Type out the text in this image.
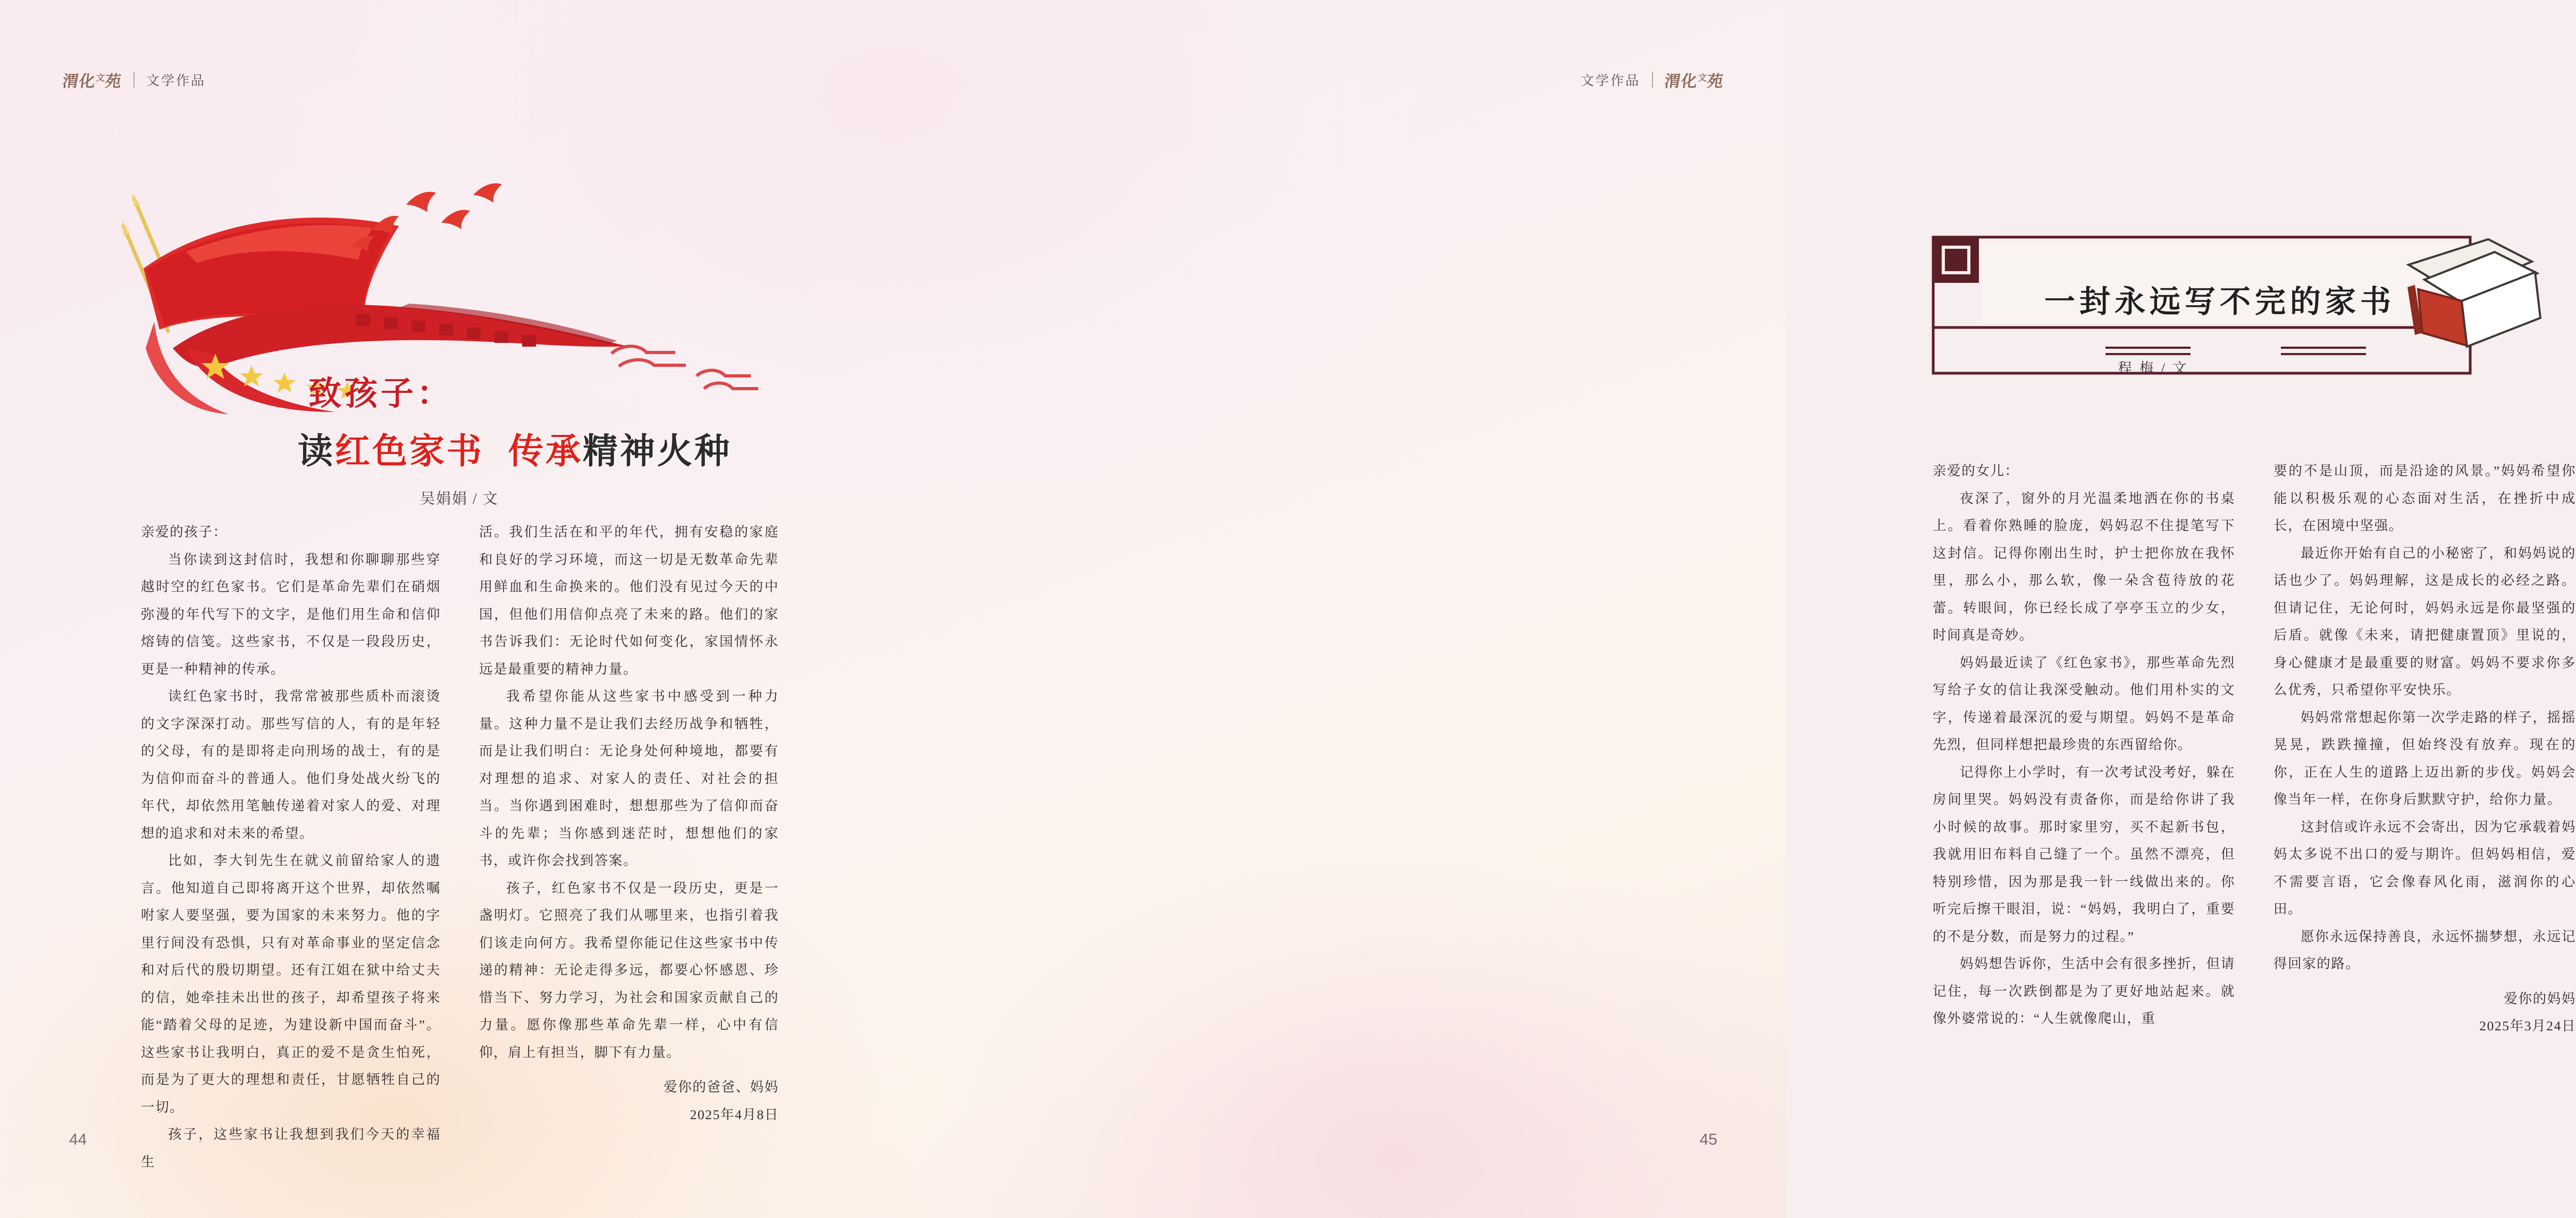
渭化$^文$苑 文学作品
致孩子：
读红色家书 传承精神火种
吴娟娟 / 文

亲爱的孩子：

当你读到这封信时，我想和你聊聊那些穿越时空的红色家书。它们是革命先辈们在硝烟弥漫的年代写下的文字，是他们用生命和信仰熔铸的信笺。这些家书，不仅是一段段历史，更是一种精神的传承。

读红色家书时，我常常被那些质朴而滚烫的文字深深打动。那些写信的人，有的是年轻的父母，有的是即将走向刑场的战士，有的是为信仰而奋斗的普通人。他们身处战火纷飞的年代，却依然用笔触传递着对家人的爱、对理想的追求和对未来的希望。

比如，李大钊先生在就义前留给家人的遗言。他知道自己即将离开这个世界，却依然嘱咐家人要坚强，要为国家的未来努力。他的字里行间没有恐惧，只有对革命事业的坚定信念和对后代的殷切期望。还有江姐在狱中给丈夫的信，她牵挂未出世的孩子，却希望孩子将来能“踏着父母的足迹，为建设新中国而奋斗”。这些家书让我明白，真正的爱不是贪生怕死，而是为了更大的理想和责任，甘愿牺牲自己的一切。

孩子，这些家书让我想到我们今天的幸福生

活。我们生活在和平的年代，拥有安稳的家庭和良好的学习环境，而这一切是无数革命先辈用鲜血和生命换来的。他们没有见过今天的中国，但他们用信仰点亮了未来的路。他们的家书告诉我们：无论时代如何变化，家国情怀永远是最重要的精神力量。

我希望你能从这些家书中感受到一种力量。这种力量不是让我们去经历战争和牺牲，而是让我们明白：无论身处何种境地，都要有对理想的追求、对家人的责任、对社会的担当。当你遇到困难时，想想那些为了信仰而奋斗的先辈；当你感到迷茫时，想想他们的家书，或许你会找到答案。

孩子，红色家书不仅是一段历史，更是一盏明灯。它照亮了我们从哪里来，也指引着我们该走向何方。我希望你能记住这些家书中传递的精神：无论走得多远，都要心怀感恩、珍惜当下、努力学习，为社会和国家贡献自己的力量。愿你像那些革命先辈一样，心中有信仰，肩上有担当，脚下有力量。

爱你的爸爸、妈妈

2025年4月8日

44
文学作品 渭化$^文$苑
一封永远写不完的家书
程 梅 / 文

亲爱的女儿：

夜深了，窗外的月光温柔地洒在你的书桌上。看着你熟睡的脸庞，妈妈忍不住提笔写下这封信。记得你刚出生时，护士把你放在我怀里，那么小，那么软，像一朵含苞待放的花蕾。转眼间，你已经长成了亭亭玉立的少女，时间真是奇妙。

妈妈最近读了《红色家书》，那些革命先烈写给子女的信让我深受触动。他们用朴实的文字，传递着最深沉的爱与期望。妈妈不是革命先烈，但同样想把最珍贵的东西留给你。

记得你上小学时，有一次考试没考好，躲在房间里哭。妈妈没有责备你，而是给你讲了我小时候的故事。那时家里穷，买不起新书包，我就用旧布料自己缝了一个。虽然不漂亮，但特别珍惜，因为那是我一针一线做出来的。你听完后擦干眼泪，说：“妈妈，我明白了，重要的不是分数，而是努力的过程。”

妈妈想告诉你，生活中会有很多挫折，但请记住，每一次跌倒都是为了更好地站起来。就像外婆常说的：“人生就像爬山，重

要的不是山顶，而是沿途的风景。”妈妈希望你能以积极乐观的心态面对生活，在挫折中成长，在困境中坚强。

最近你开始有自己的小秘密了，和妈妈说的话也少了。妈妈理解，这是成长的必经之路。但请记住，无论何时，妈妈永远是你最坚强的后盾。就像《未来，请把健康置顶》里说的，身心健康才是最重要的财富。妈妈不要求你多么优秀，只希望你平安快乐。

妈妈常常想起你第一次学走路的样子，摇摇晃晃，跌跌撞撞，但始终没有放弃。现在的你，正在人生的道路上迈出新的步伐。妈妈会像当年一样，在你身后默默守护，给你力量。

这封信或许永远不会寄出，因为它承载着妈妈太多说不出口的爱与期许。但妈妈相信，爱不需要言语，它会像春风化雨，滋润你的心田。

愿你永远保持善良，永远怀揣梦想，永远记得回家的路。

爱你的妈妈

2025年3月24日

45
